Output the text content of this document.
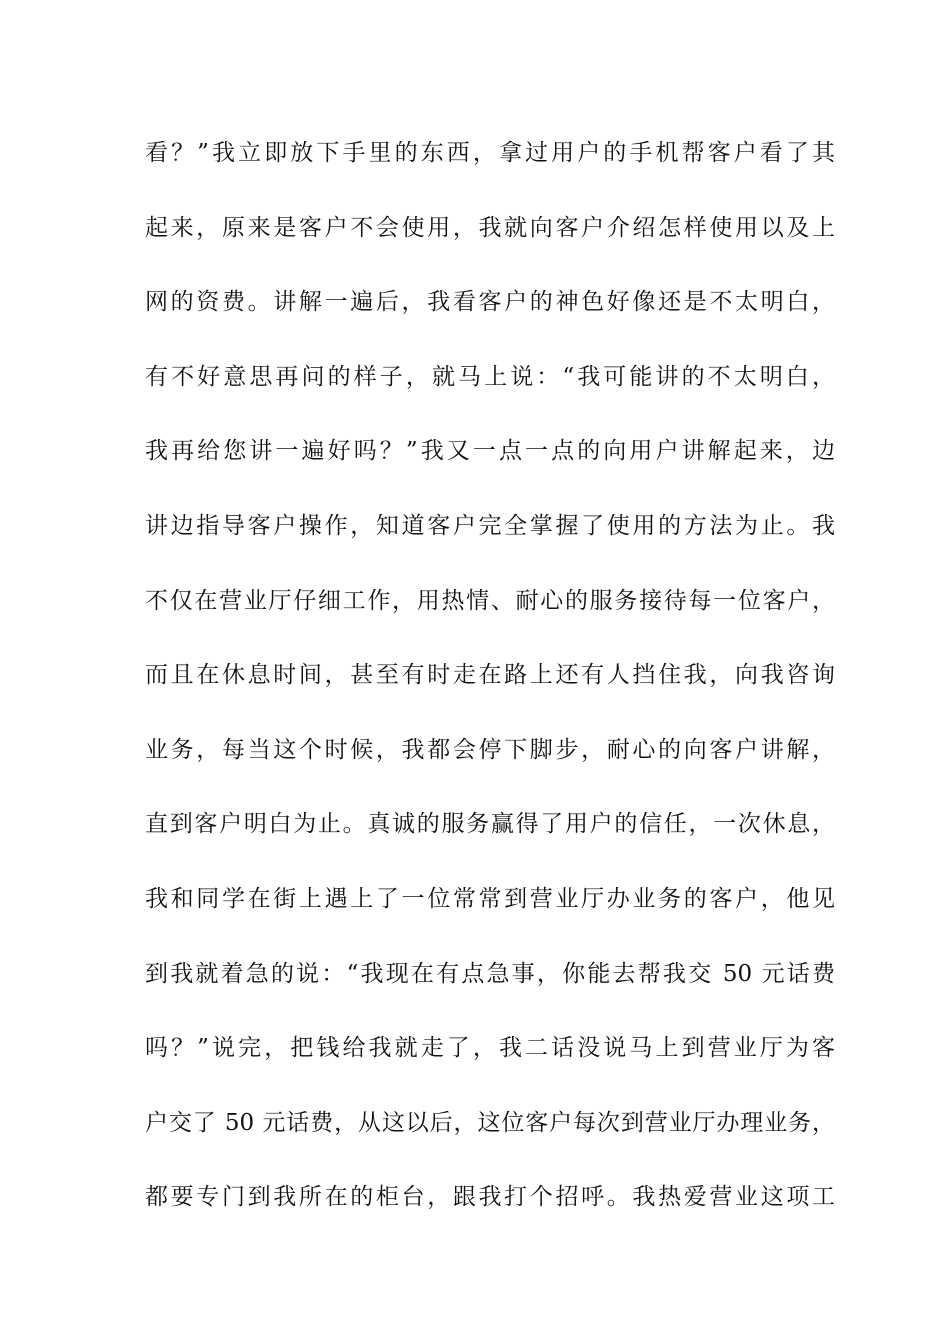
看？”我立即放下手里的东西，拿过用户的手机帮客户看了其
起来，原来是客户不会使用，我就向客户介绍怎样使用以及上
网的资费。讲解一遍后，我看客户的神色好像还是不太明白，
有不好意思再问的样子，就马上说：“我可能讲的不太明白，
我再给您讲一遍好吗？”我又一点一点的向用户讲解起来，边
讲边指导客户操作，知道客户完全掌握了使用的方法为止。我
不仅在营业厅仔细工作，用热情、耐心的服务接待每一位客户，
而且在休息时间，甚至有时走在路上还有人挡住我，向我咨询
业务，每当这个时候，我都会停下脚步，耐心的向客户讲解，
直到客户明白为止。真诚的服务赢得了用户的信任，一次休息，
我和同学在街上遇上了一位常常到营业厅办业务的客户，他见
到我就着急的说：“我现在有点急事，你能去帮我交 50 元话费
吗？”说完，把钱给我就走了，我二话没说马上到营业厅为客
户交了 50 元话费，从这以后，这位客户每次到营业厅办理业务，
都要专门到我所在的柜台，跟我打个招呼。我热爱营业这项工
